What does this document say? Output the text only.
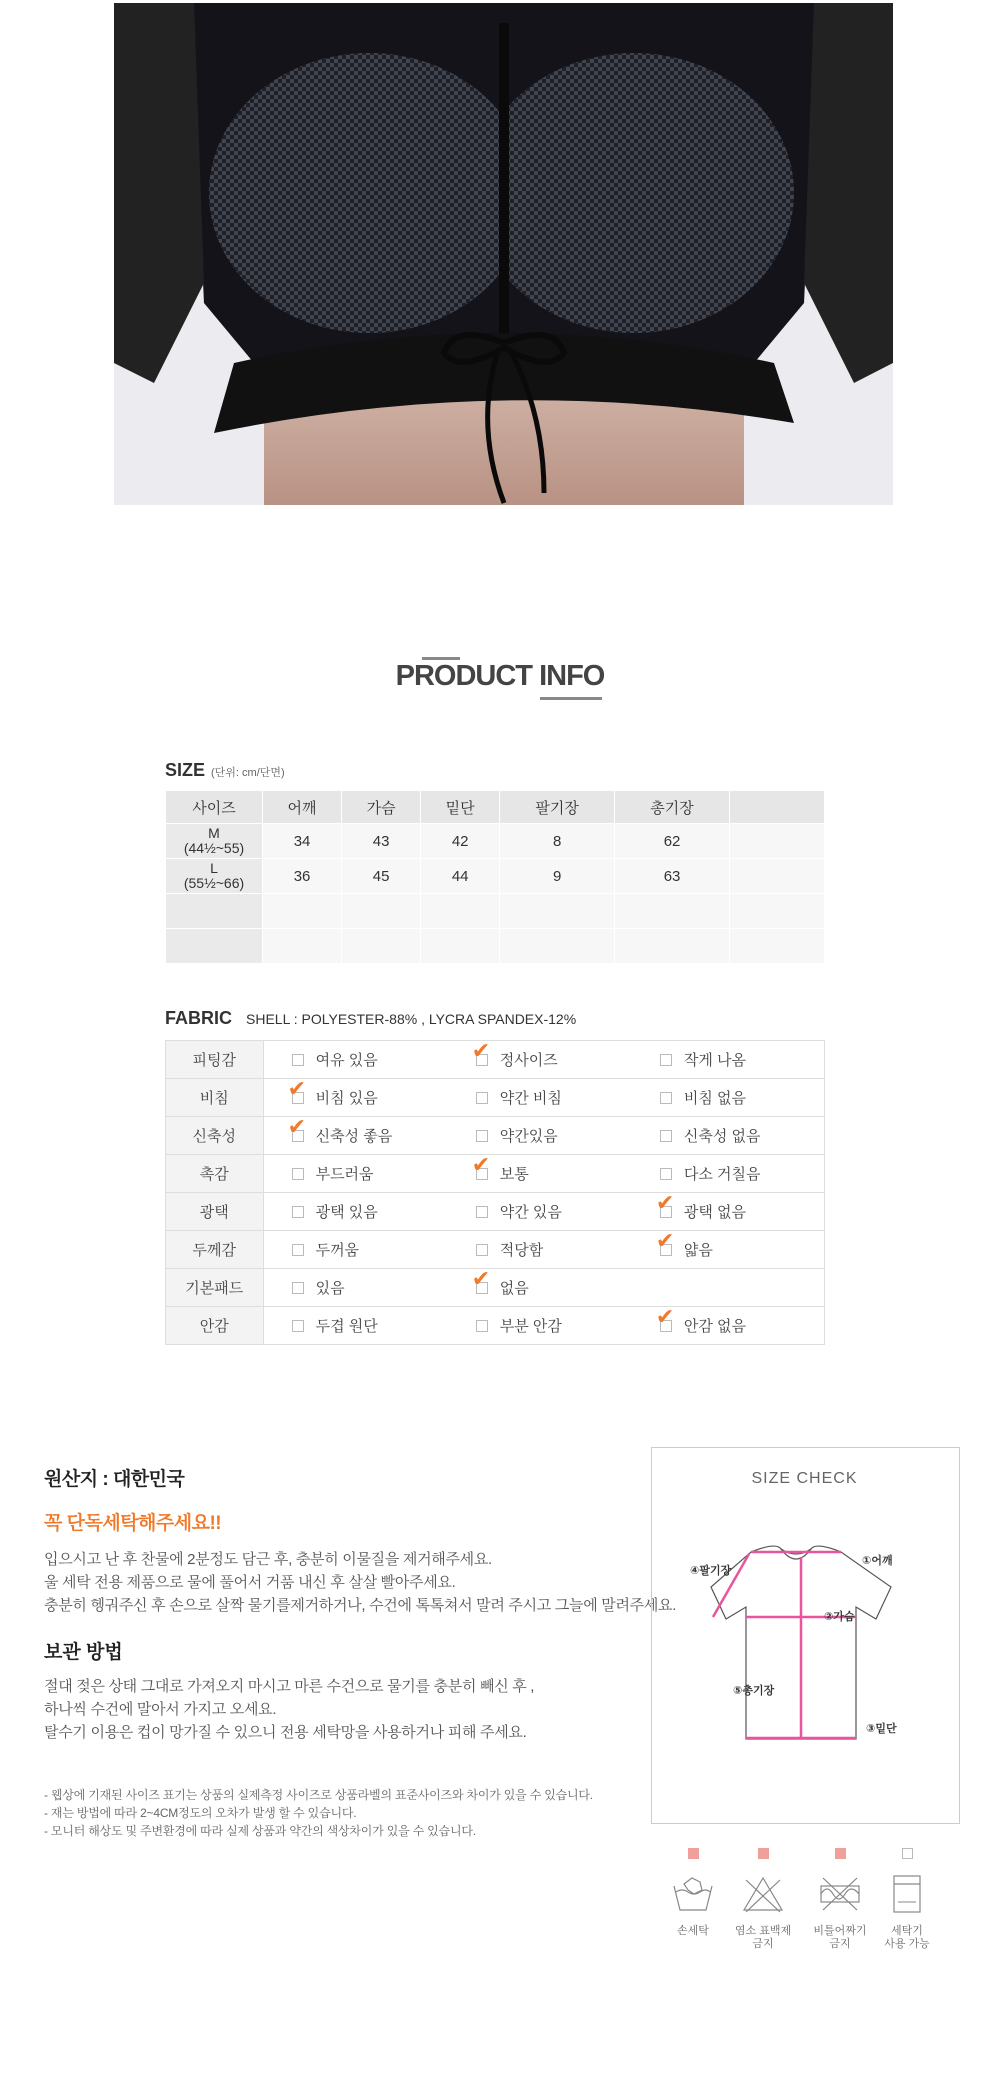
PRODUCT INFO
SIZE (단위: cm/단면)
사이즈	어깨	가슴	밑단	팔기장	총기장	
M
(44½~55)	34	43	42	8	62	
L
(55½~66)	36	45	44	9	63	

FABRIC SHELL : POLYESTER-88% , LYCRA SPANDEX-12%
피팅감	여유 있음	✔ 정사이즈	작게 나옴

비침	✔ 비침 있음	약간 비침	비침 없음

신축성	✔ 신축성 좋음	약간있음	신축성 없음

촉감	부드러움	✔ 보통	다소 거칠음

광택	광택 있음	약간 있음	✔ 광택 없음

두께감	두꺼움	적당함	✔ 얇음

기본패드	있음	✔ 없음	

안감	두겹 원단	부분 안감	✔ 안감 없음
원산지 : 대한민국
꼭 단독세탁해주세요!!
입으시고 난 후 찬물에 2분정도 담근 후, 충분히 이물질을 제거해주세요.
울 세탁 전용 제품으로 물에 풀어서 거품 내신 후 살살 빨아주세요.
충분히 헹궈주신 후 손으로 살짝 물기를제거하거나, 수건에 톡톡쳐서 말려 주시고 그늘에 말려주세요.
보관 방법
절대 젖은 상태 그대로 가져오지 마시고 마른 수건으로 물기를 충분히 빼신 후 ,
하나씩 수건에 말아서 가지고 오세요.
탈수기 이용은 컵이 망가질 수 있으니 전용 세탁망을 사용하거나 피해 주세요.
- 웹상에 기재된 사이즈 표기는 상품의 실제측정 사이즈로 상품라벨의 표준사이즈와 차이가 있을 수 있습니다.
- 재는 방법에 따라 2~4CM정도의 오차가 발생 할 수 있습니다.
- 모니터 해상도 및 주변환경에 따라 실제 상품과 약간의 색상차이가 있을 수 있습니다.
SIZE CHECK
①어깨
②가슴
③밑단
④팔기장
⑤총기장

손세탁	염소 표백제
금지

비틀어짜기
금지

세탁기
사용 가능
